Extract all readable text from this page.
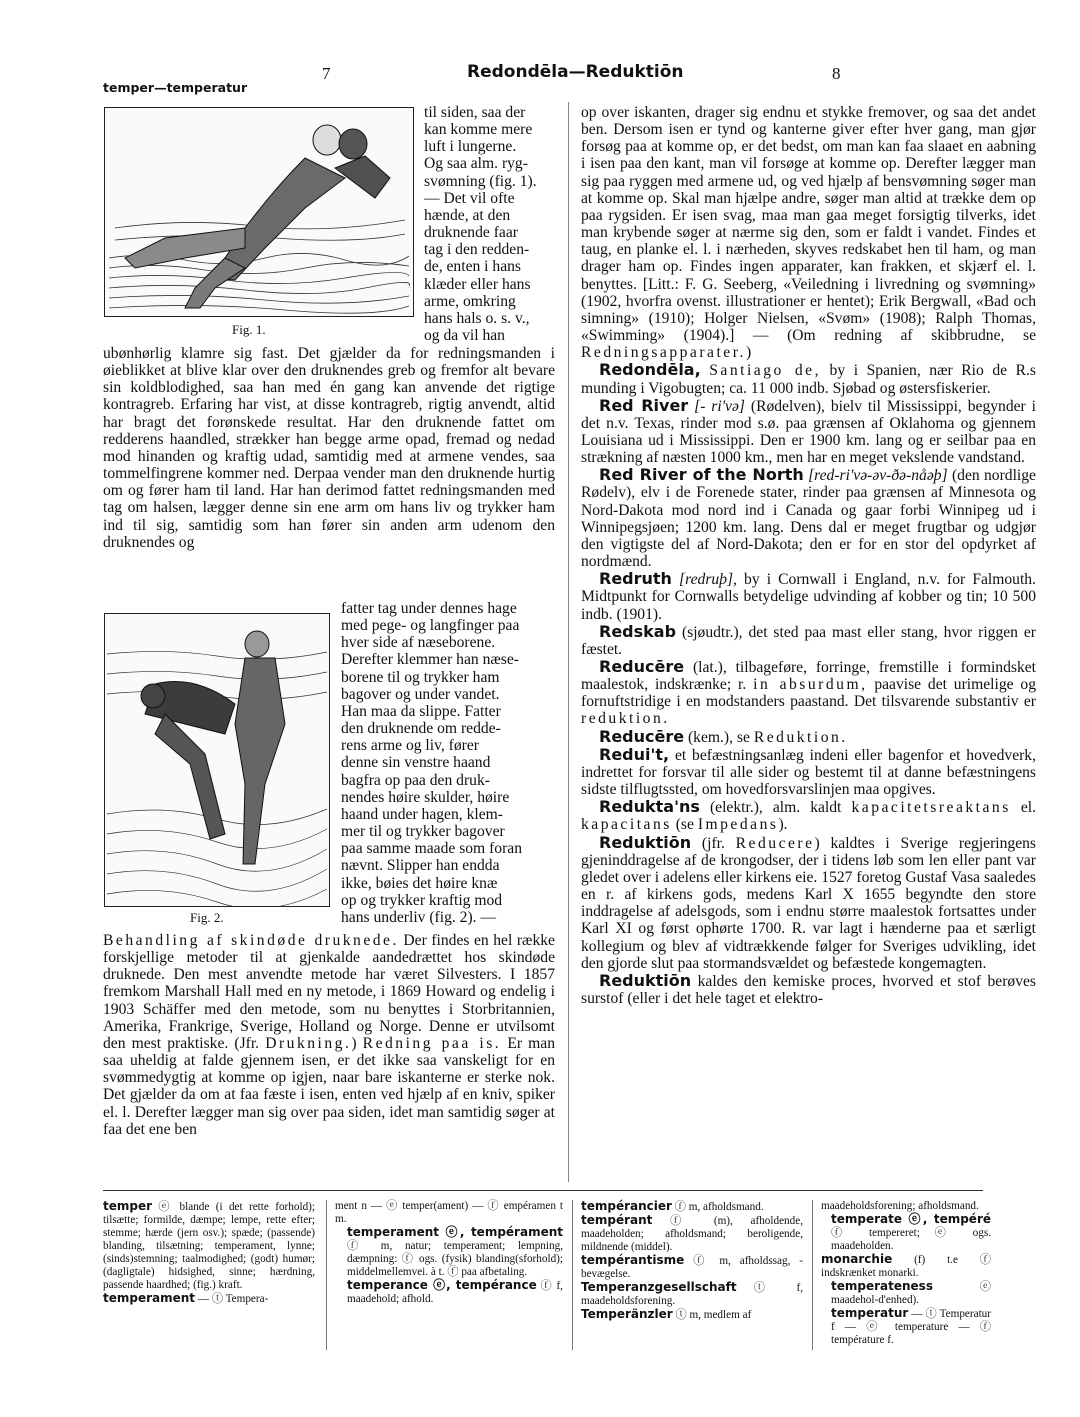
temper—temperatur
7	Redondēla—Reduktiōn	8
Fig. 1.
til siden, saa der
kan komme mere
luft i lungerne.
Og saa alm. ryg-
svømning (fig. 1).
— Det vil ofte
hænde, at den
druknende faar
tag i den redden-
de, enten i hans
klæder eller hans
arme, omkring
hans hals o. s. v.,
og da vil han
ubønhørlig klamre sig fast. Det gjælder da for redningsmanden i øieblikket at blive klar over den druknendes greb og fremfor alt bevare sin koldblodighed, saa han med én gang kan anvende det rigtige kontragreb. Erfaring har vist, at disse kontragreb, rigtig anvendt, altid har bragt det forønskede resultat. Har den druknende fattet om redderens haandled, strækker han begge arme opad, fremad og nedad mod hinanden og kraftig udad, samtidig med at armene vendes, saa tommelfingrene kommer ned. Derpaa vender man den druknende hurtig om og fører ham til land. Har han derimod fattet redningsmanden med tag om halsen, lægger denne sin ene arm om hans liv og trykker ham ind til sig, samtidig som han fører sin anden arm udenom den druknendes og
Fig. 2.
fatter tag under dennes hage
med pege- og langfinger paa
hver side af næseborene.
Derefter klemmer han næse-
borene til og trykker ham
bagover og under vandet.
Han maa da slippe. Fatter
den druknende om redde-
rens arme og liv, fører
denne sin venstre haand
bagfra op paa den druk-
nendes høire skulder, høire
haand under hagen, klem-
mer til og trykker bagover
paa samme maade som foran
nævnt. Slipper han endda
ikke, bøies det høire knæ
op og trykker kraftig mod
hans underliv (fig. 2). —
Behandling af skindøde druknede. Der findes en hel række forskjellige metoder til at gjenkalde aandedrættet hos skindøde druknede. Den mest anvendte metode har været Silvesters. I 1857 fremkom Marshall Hall med en ny metode, i 1869 Howard og endelig i 1903 Schäffer med den metode, som nu benyttes i Storbritannien, Amerika, Frankrige, Sverige, Holland og Norge. Denne er utvilsomt den mest praktiske. (Jfr. Drukning.) Redning paa is. Er man saa uheldig at falde gjennem isen, er det ikke saa vanskeligt for en svømmedygtig at komme op igjen, naar bare iskanterne er sterke nok. Det gjælder da om at faa fæste i isen, enten ved hjælp af en kniv, spiker el. l. Derefter lægger man sig over paa siden, idet man samtidig søger at faa det ene ben

op over iskanten, drager sig endnu et stykke fremover, og saa det andet ben. Dersom isen er tynd og kanterne giver efter hver gang, man gjør forsøg paa at komme op, er det bedst, om man kan faa slaaet en aabning i isen paa den kant, man vil forsøge at komme op. Derefter lægger man sig paa ryggen med armene ud, og ved hjælp af bensvømning søger man at komme op. Skal man hjælpe andre, søger man altid at trække dem op paa rygsiden. Er isen svag, maa man gaa meget forsigtig tilverks, idet man krybende søger at nærme sig den, som er faldt i vandet. Findes et taug, en planke el. l. i nærheden, skyves redskabet hen til ham, og man drager ham op. Findes ingen apparater, kan frakken, et skjærf el. l. benyttes. [Litt.: F. G. Seeberg, «Veiledning i livredning og svømning» (1902, hvorfra ovenst. illustrationer er hentet); Erik Bergwall, «Bad och simning» (1910); Holger Nielsen, «Svøm» (1908); Ralph Thomas, «Swimming» (1904).] — (Om redning af skibbrudne, se Redningsapparater.)

Redondēla, Santiago de, by i Spanien, nær Rio de R.s munding i Vigobugten; ca. 11 000 indb. Sjøbad og østersfiskerier.

Red River [- ri'və] (Rødelven), bielv til Mississippi, begynder i det n.v. Texas, rinder mod s.ø. paa grænsen af Oklahoma og gjennem Louisiana ud i Mississippi. Den er 1900 km. lang og er seilbar paa en strækning af næsten 1000 km., men har en meget vekslende vandstand.

Red River of the North [red-ri'və-əv-ðə-nåəþ] (den nordlige Rødelv), elv i de Forenede stater, rinder paa grænsen af Minnesota og Nord-Dakota mod nord ind i Canada og gaar forbi Winnipeg ud i Winnipegsjøen; 1200 km. lang. Dens dal er meget frugtbar og udgjør den vigtigste del af Nord-Dakota; den er for en stor del opdyrket af nordmænd.

Redruth [redruþ], by i Cornwall i England, n.v. for Falmouth. Midtpunkt for Cornwalls betydelige udvinding af kobber og tin; 10 500 indb. (1901).

Redskab (sjøudtr.), det sted paa mast eller stang, hvor riggen er fæstet.

Reducēre (lat.), tilbageføre, forringe, fremstille i formindsket maalestok, indskrænke; r. in absurdum, paavise det urimelige og fornuftstridige i en modstanders paastand. Det tilsvarende substantiv er reduktion.

Reducēre (kem.), se Reduktion.

Redui't, et befæstningsanlæg indeni eller bagenfor et hovedverk, indrettet for forsvar til alle sider og bestemt til at danne befæstningens sidste tilflugtssted, om hovedforsvarslinjen maa opgives.

Redukta'ns (elektr.), alm. kaldt kapacitetsreaktans el. kapacitans (se Impedans).

Reduktiōn (jfr. Reducere) kaldtes i Sverige regjeringens gjeninddragelse af de krongodser, der i tidens løb som len eller pant var gledet over i adelens eller kirkens eie. 1527 foretog Gustaf Vasa saaledes en r. af kirkens gods, medens Karl X 1655 begyndte den store inddragelse af adelsgods, som i endnu større maalestok fortsattes under Karl XI og først ophørte 1700. R. var lagt i hænderne paa et særligt kollegium og blev af vidtrækkende følger for Sveriges udvikling, idet den gjorde slut paa stormandsvældet og befæstede kongemagten.

Reduktiōn kaldes den kemiske proces, hvorved et stof berøves surstof (eller i det hele taget et elektro-

temper ⓔ blande (i det rette forhold); tilsætte; formilde, dæmpe; lempe, rette efter; stemme; hærde (jern osv.); spæde; (passende) blanding, tilsætning; temperament, lynne; (sinds)stemning; taalmodighed; (godt) humør; (dagligtale) hidsighed, sinne; hærdning, passende haardhed; (fig.) kraft.

temperament — ⓣ Tempera-

ment n — ⓔ temper(ament) — ⓕ empéramen t m.

temperament ⓔ, tempérament ⓕ m, natur; temperament; lempning, dæmpning: ⓕ ogs. (fysik) blanding(sforhold); middelmellemvei. à t. ⓕ paa afbetaling.

temperance ⓔ, tempérance ⓕ f, maadehold; afhold.

tempérancier ⓕ m, afholdsmand.

tempérant ⓕ (m), afholdende, maadeholden; afholdsmand; beroligende, mildnende (middel).

tempérantisme ⓕ m, afholdssag, -bevægelse.

Temperanzgesellschaft ⓣ f, maadeholdsforening.

Temperänzler ⓣ m, medlem af

maadeholdsforening; afholdsmand.

temperate ⓔ, tempéré ⓕ tempereret; ⓔ ogs. maadeholden.

monarchie (f) t.e ⓕ indskrænket monarki.

temperateness ⓔ maadehol-d'enhed).

temperatur — ⓣ Temperatur f — ⓔ temperature — ⓕ température f.
